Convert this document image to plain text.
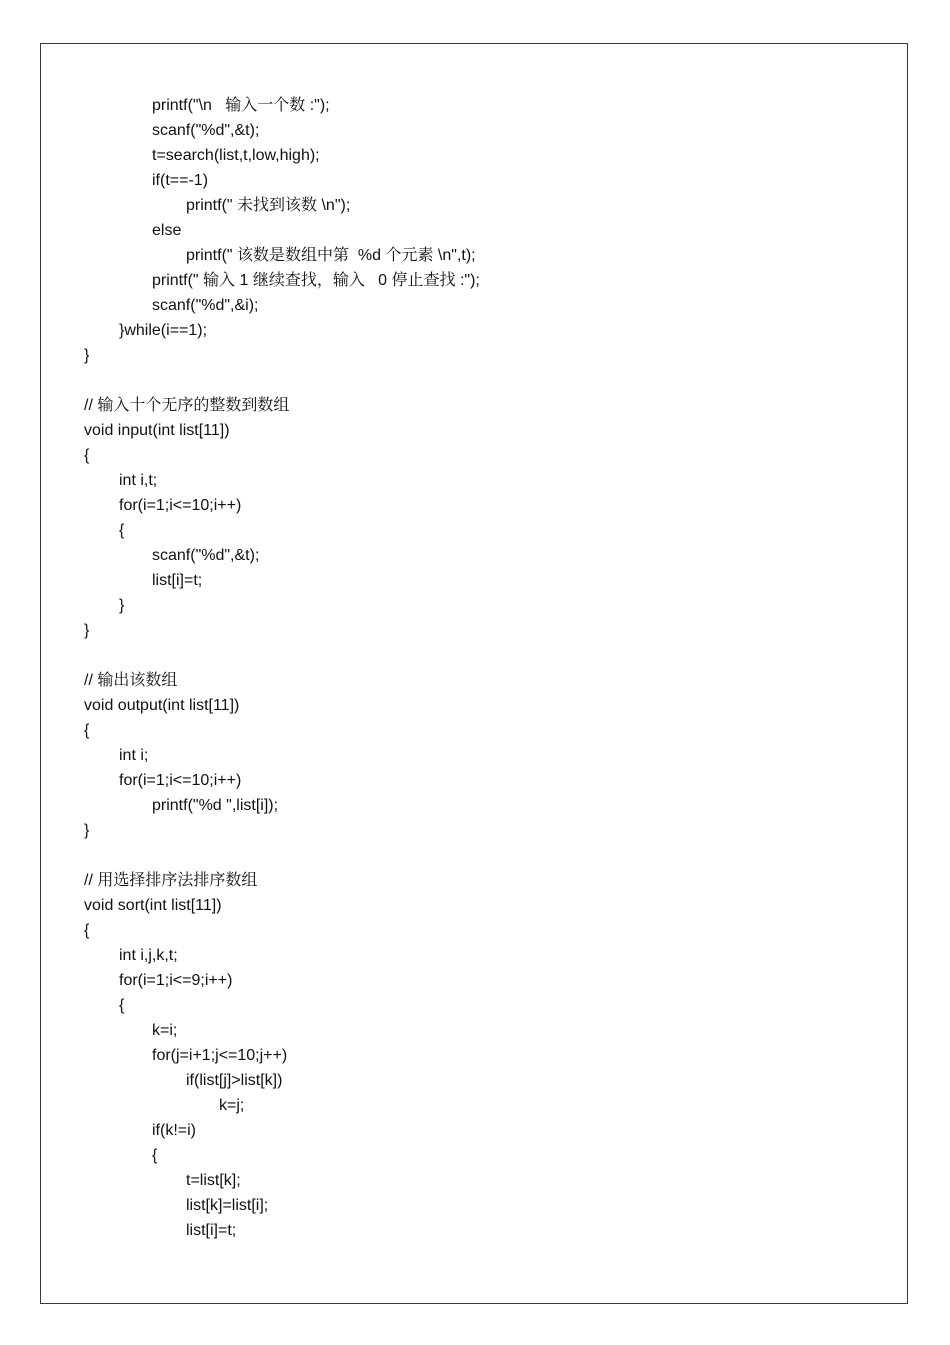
printf("\n   输入一个数 :");
scanf("%d",&t);
t=search(list,t,low,high);
if(t==-1)
printf(" 未找到该数 \n");
else
printf(" 该数是数组中第  %d 个元素 \n",t);
printf(" 输入 1 继续查找，输入   0 停止查找 :");
scanf("%d",&i);
}while(i==1);
}
// 输入十个无序的整数到数组
void input(int list[11])
{
int i,t;
for(i=1;i<=10;i++)
{
scanf("%d",&t);
list[i]=t;
}
}
// 输出该数组
void output(int list[11])
{
int i;
for(i=1;i<=10;i++)
printf("%d ",list[i]);
}
// 用选择排序法排序数组
void sort(int list[11])
{
int i,j,k,t;
for(i=1;i<=9;i++)
{
k=i;
for(j=i+1;j<=10;j++)
if(list[j]>list[k])
k=j;
if(k!=i)
{
t=list[k];
list[k]=list[i];
list[i]=t;
